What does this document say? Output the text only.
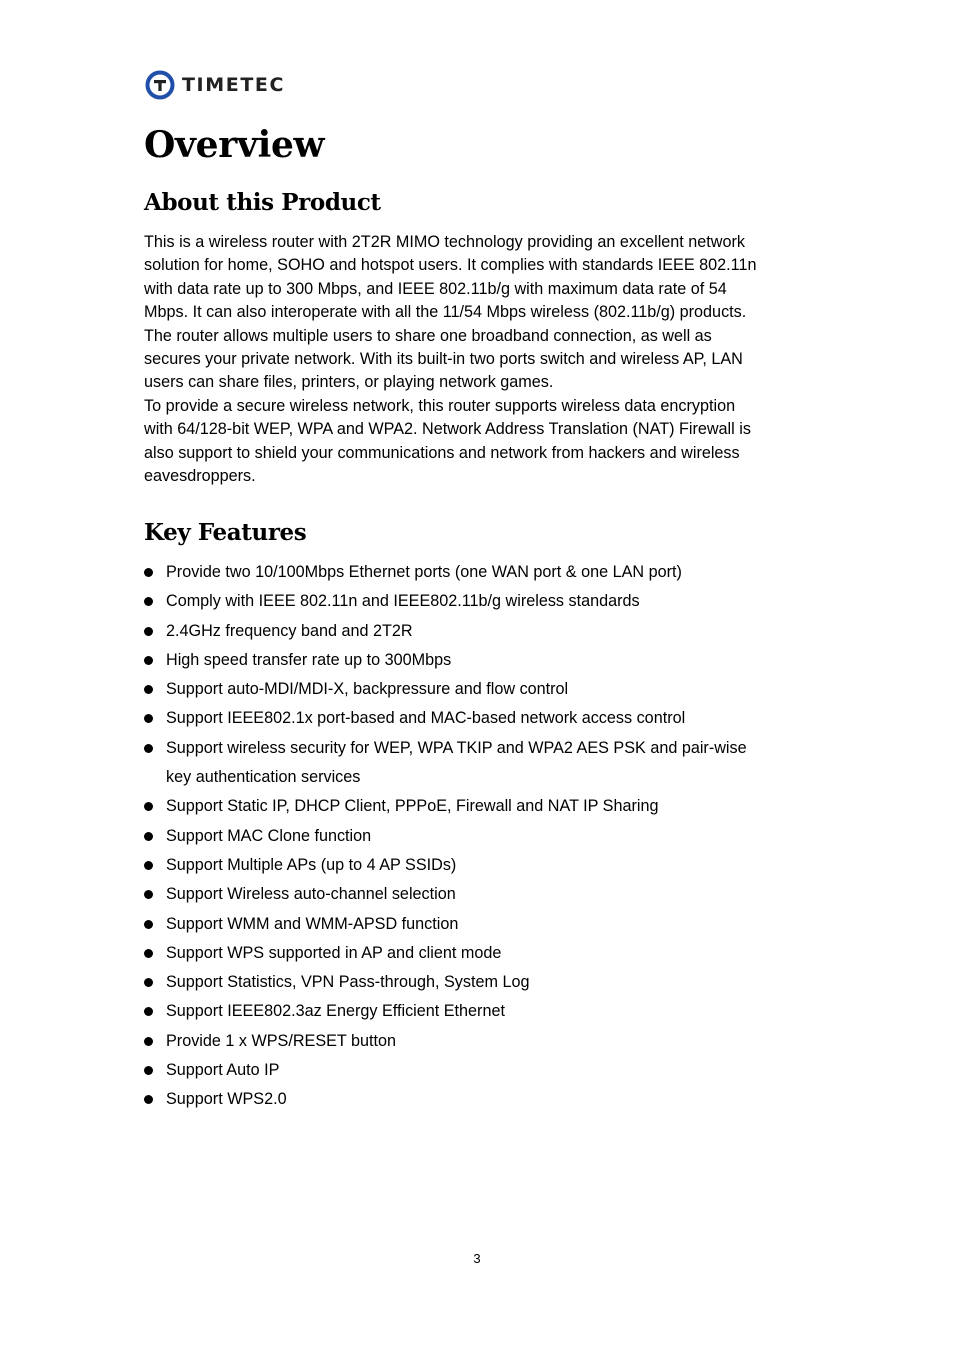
TIMETEC
Overview
About this Product

This is a wireless router with 2T2R MIMO technology providing an excellent network

solution for home, SOHO and hotspot users. It complies with standards IEEE 802.11n

with data rate up to 300 Mbps, and IEEE 802.11b/g with maximum data rate of 54

Mbps. It can also interoperate with all the 11/54 Mbps wireless (802.11b/g) products.

The router allows multiple users to share one broadband connection, as well as

secures your private network. With its built-in two ports switch and wireless AP, LAN

users can share files, printers, or playing network games.

To provide a secure wireless network, this router supports wireless data encryption

with 64/128-bit WEP, WPA and WPA2. Network Address Translation (NAT) Firewall is

also support to shield your communications and network from hackers and wireless

eavesdroppers.

Key Features
Provide two 10/100Mbps Ethernet ports (one WAN port & one LAN port)
Comply with IEEE 802.11n and IEEE802.11b/g wireless standards
2.4GHz frequency band and 2T2R
High speed transfer rate up to 300Mbps
Support auto-MDI/MDI-X, backpressure and flow control
Support IEEE802.1x port-based and MAC-based network access control
Support wireless security for WEP, WPA TKIP and WPA2 AES PSK and pair-wise
key authentication services
Support Static IP, DHCP Client, PPPoE, Firewall and NAT IP Sharing
Support MAC Clone function
Support Multiple APs (up to 4 AP SSIDs)
Support Wireless auto-channel selection
Support WMM and WMM-APSD function
Support WPS supported in AP and client mode
Support Statistics, VPN Pass-through, System Log
Support IEEE802.3az Energy Efficient Ethernet
Provide 1 x WPS/RESET button
Support Auto IP
Support WPS2.0
3
